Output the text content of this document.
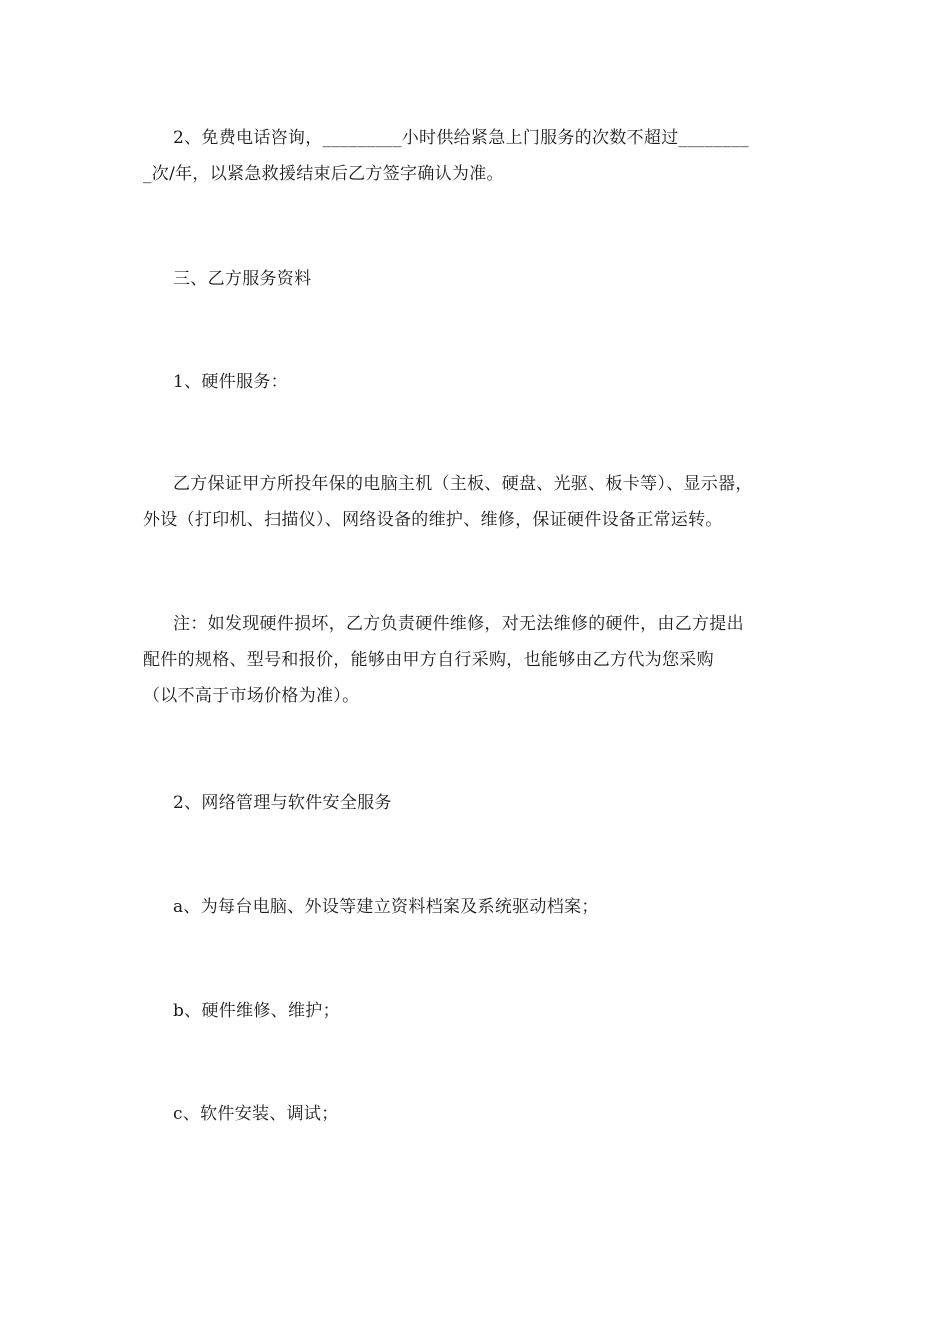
2、免费电话咨询，_________小时供给紧急上门服务的次数不超过________
_次/年，以紧急救援结束后乙方签字确认为准。
三、乙方服务资料
1、硬件服务：
乙方保证甲方所投年保的电脑主机（主板、硬盘、光驱、板卡等）、显示器，
外设（打印机、扫描仪）、网络设备的维护、维修，保证硬件设备正常运转。
注：如发现硬件损坏，乙方负责硬件维修，对无法维修的硬件，由乙方提出
配件的规格、型号和报价，能够由甲方自行采购，也能够由乙方代为您采购
（以不高于市场价格为准）。
2、网络管理与软件安全服务
a、为每台电脑、外设等建立资料档案及系统驱动档案；
b、硬件维修、维护；
c、软件安装、调试；
